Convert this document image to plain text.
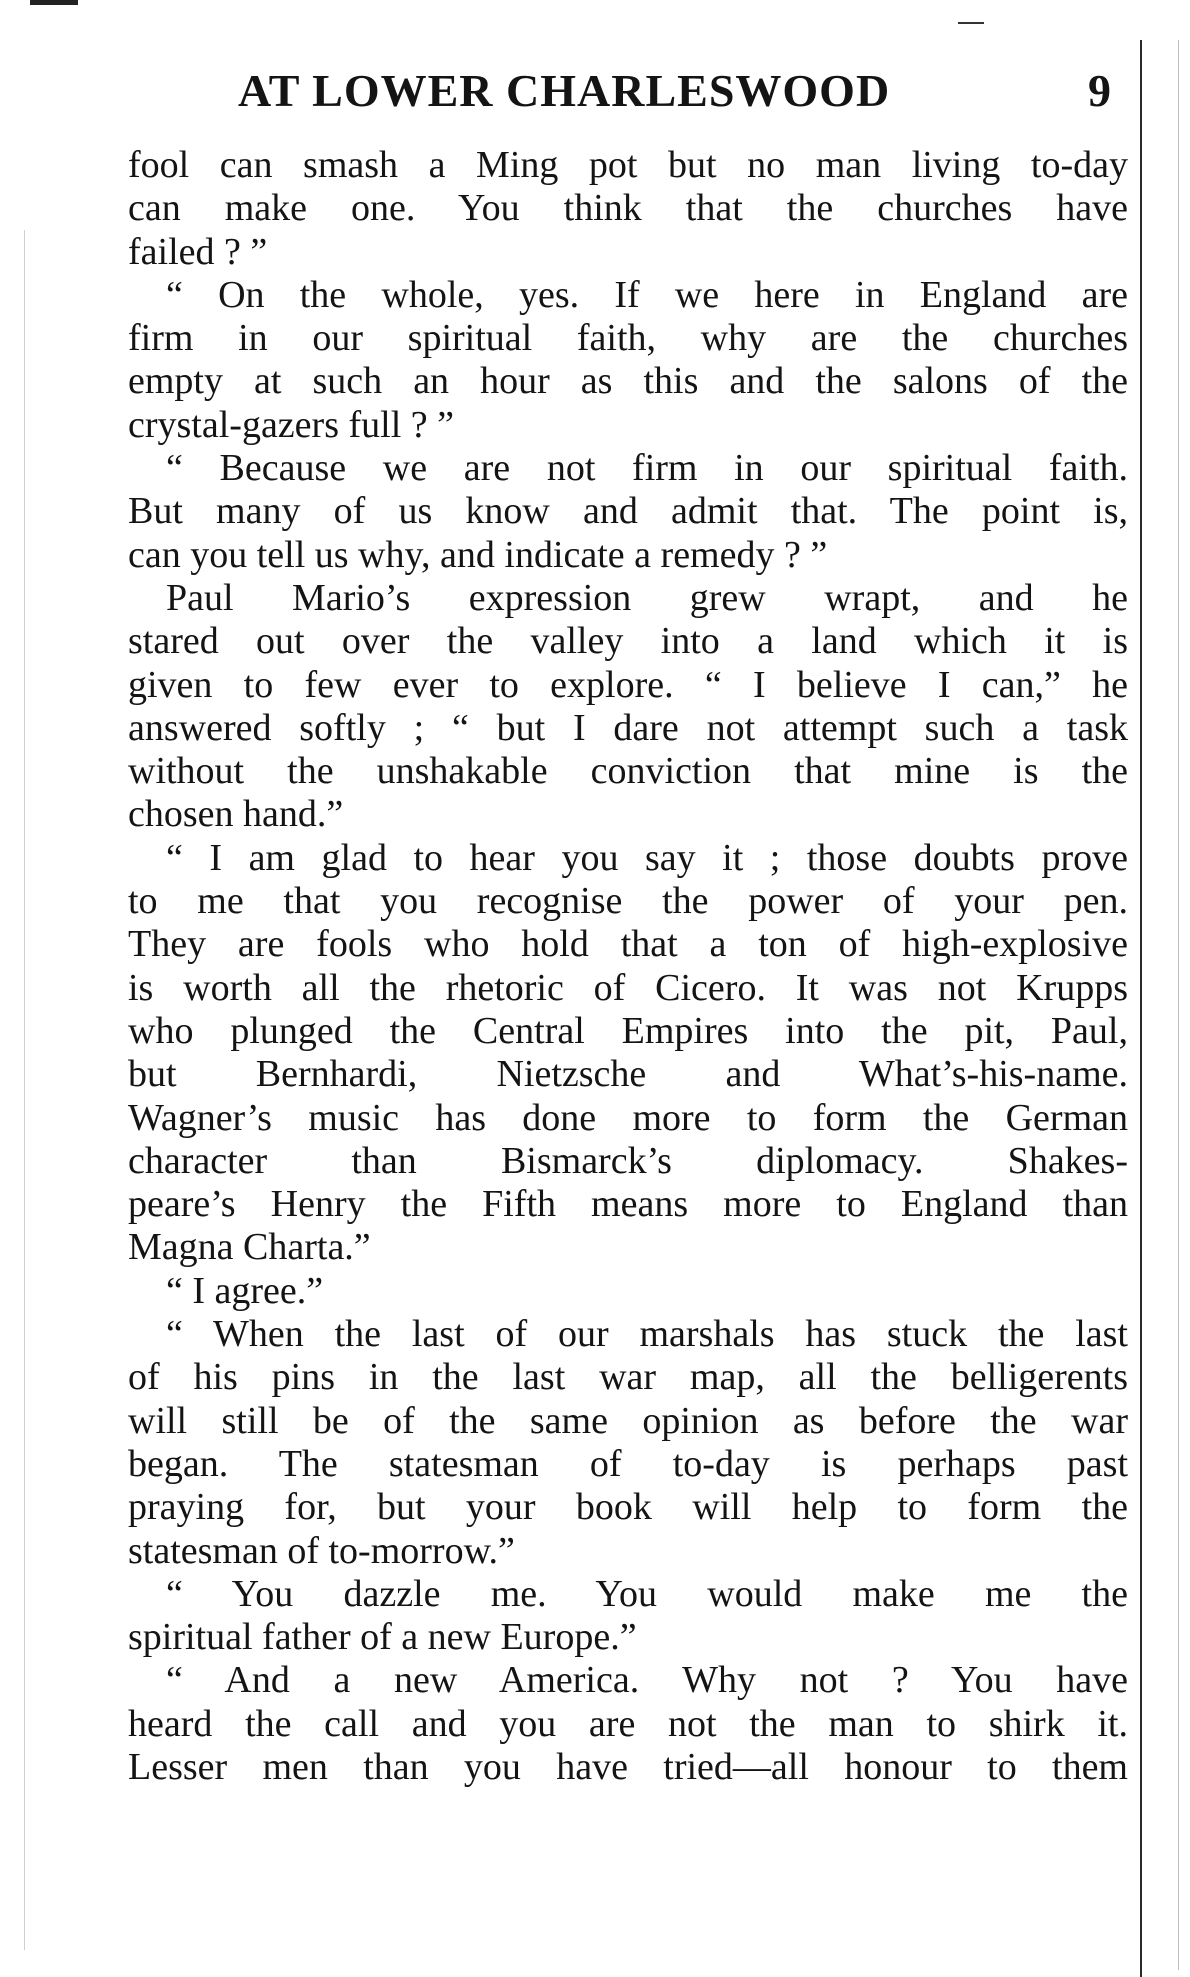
AT LOWER CHARLESWOOD	9
fool can smash a Ming pot but no man living to-day
can make one. You think that the churches have
failed ? ”
“ On the whole, yes. If we here in England are
firm in our spiritual faith, why are the churches
empty at such an hour as this and the salons of the
crystal-gazers full ? ”
“ Because we are not firm in our spiritual faith.
But many of us know and admit that. The point is,
can you tell us why, and indicate a remedy ? ”
Paul Mario’s expression grew wrapt, and he
stared out over the valley into a land which it is
given to few ever to explore. “ I believe I can,” he
answered softly ; “ but I dare not attempt such a task
without the unshakable conviction that mine is the
chosen hand.”
“ I am glad to hear you say it ; those doubts prove
to me that you recognise the power of your pen.
They are fools who hold that a ton of high-explosive
is worth all the rhetoric of Cicero. It was not Krupps
who plunged the Central Empires into the pit, Paul,
but Bernhardi, Nietzsche and What’s-his-name.
Wagner’s music has done more to form the German
character than Bismarck’s diplomacy. Shakes-
peare’s Henry the Fifth means more to England than
Magna Charta.”
“ I agree.”
“ When the last of our marshals has stuck the last
of his pins in the last war map, all the belligerents
will still be of the same opinion as before the war
began. The statesman of to-day is perhaps past
praying for, but your book will help to form the
statesman of to-morrow.”
“ You dazzle me. You would make me the
spiritual father of a new Europe.”
“ And a new America. Why not ? You have
heard the call and you are not the man to shirk it.
Lesser men than you have tried—all honour to them
